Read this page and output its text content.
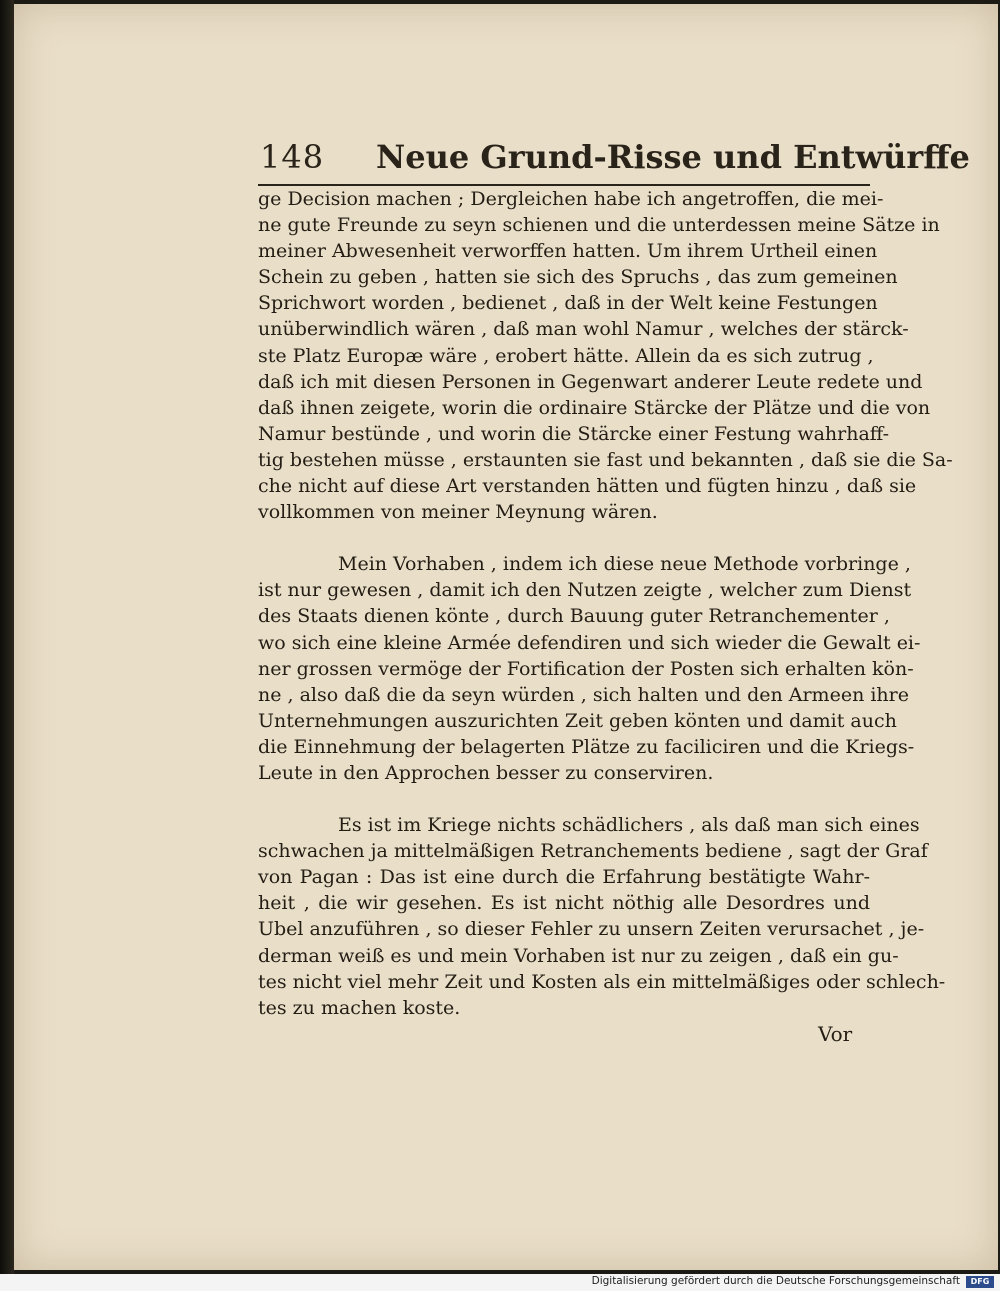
148 Neue Grund-Risse und Entwürffe
ge Decision machen ; Dergleichen habe ich angetroffen, die mei-
ne gute Freunde zu seyn schienen und die unterdessen meine Sätze in
meiner Abwesenheit verworffen hatten. Um ihrem Urtheil einen
Schein zu geben , hatten sie sich des Spruchs , das zum gemeinen
Sprichwort worden , bedienet , daß in der Welt keine Festungen
unüberwindlich wären , daß man wohl Namur , welches der stärck-
ste Platz Europæ wäre , erobert hätte. Allein da es sich zutrug ,
daß ich mit diesen Personen in Gegenwart anderer Leute redete und
daß ihnen zeigete, worin die ordinaire Stärcke der Plätze und die von
Namur bestünde , und worin die Stärcke einer Festung wahrhaff-
tig bestehen müsse , erstaunten sie fast und bekannten , daß sie die Sa-
che nicht auf diese Art verstanden hätten und fügten hinzu , daß sie
vollkommen von meiner Meynung wären.
Mein Vorhaben , indem ich diese neue Methode vorbringe ,
ist nur gewesen , damit ich den Nutzen zeigte , welcher zum Dienst
des Staats dienen könte , durch Bauung guter Retranchementer ,
wo sich eine kleine Armée defendiren und sich wieder die Gewalt ei-
ner grossen vermöge der Fortification der Posten sich erhalten kön-
ne , also daß die da seyn würden , sich halten und den Armeen ihre
Unternehmungen auszurichten Zeit geben könten und damit auch
die Einnehmung der belagerten Plätze zu faciliciren und die Kriegs-
Leute in den Approchen besser zu conserviren.
Es ist im Kriege nichts schädlichers , als daß man sich eines
schwachen ja mittelmäßigen Retranchements bediene , sagt der Graf
von Pagan : Das ist eine durch die Erfahrung bestätigte Wahr-
heit , die wir gesehen. Es ist nicht nöthig alle Desordres und
Ubel anzuführen , so dieser Fehler zu unsern Zeiten verursachet , je-
derman weiß es und mein Vorhaben ist nur zu zeigen , daß ein gu-
tes nicht viel mehr Zeit und Kosten als ein mittelmäßiges oder schlech-
tes zu machen koste.
Vor
Digitalisierung gefördert durch die Deutsche Forschungsgemeinschaft	DFG
